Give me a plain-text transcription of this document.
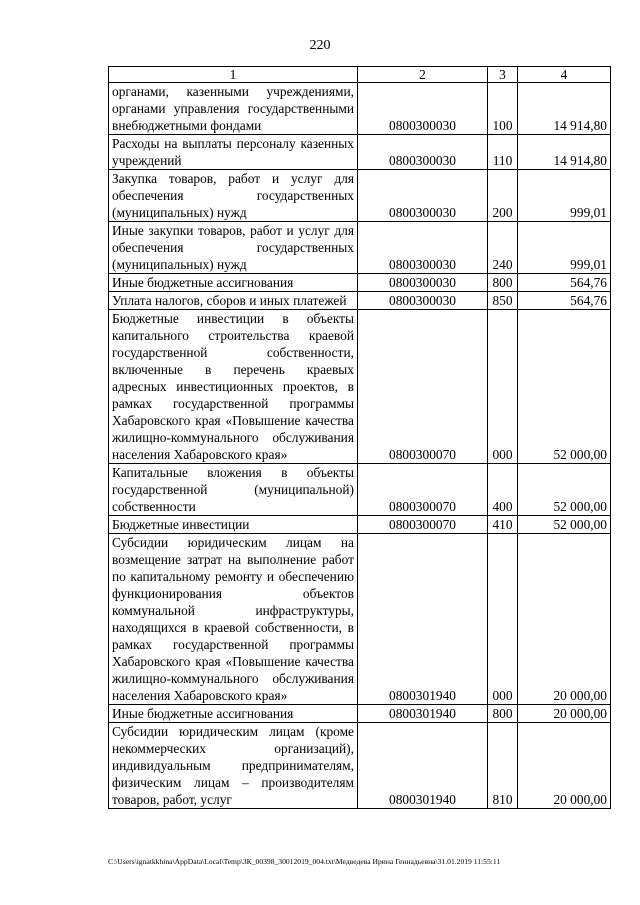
220
1	2	3	4
органами, казенными учреждениями, органами управления государственными внебюджетными фондами	0800300030	100	14 914,80
Расходы на выплаты персоналу казенных учреждений	0800300030	110	14 914,80
Закупка товаров, работ и услуг для обеспечения государственных (муниципальных) нужд	0800300030	200	999,01
Иные закупки товаров, работ и услуг для обеспечения государственных (муниципальных) нужд	0800300030	240	999,01
Иные бюджетные ассигнования	0800300030	800	564,76
Уплата налогов, сборов и иных платежей	0800300030	850	564,76
Бюджетные инвестиции в объекты капитального строительства краевой государственной собственности, включенные в перечень краевых адресных инвестиционных проектов, в рамках государственной программы Хабаровского края «Повышение качества жилищно-коммунального обслуживания населения Хабаровского края»	0800300070	000	52 000,00
Капитальные вложения в объекты государственной (муниципальной) собственности	0800300070	400	52 000,00
Бюджетные инвестиции	0800300070	410	52 000,00
Субсидии юридическим лицам на возмещение затрат на выполнение работ по капитальному ремонту и обеспечению функционирования объектов коммунальной инфраструктуры, находящихся в краевой собственности, в рамках государственной программы Хабаровского края «Повышение качества жилищно-коммунального обслуживания населения Хабаровского края»	0800301940	000	20 000,00
Иные бюджетные ассигнования	0800301940	800	20 000,00
Субсидии юридическим лицам (кроме некоммерческих организаций), индивидуальным предпринимателям, физическим лицам – производителям товаров, работ, услуг	0800301940	810	20 000,00
C:\Users\ignatkkhina\AppData\Local\Temp\ЗК_00398_30012019_004.txt\Медведева Ирина Геннадьевна\31.01.2019 11:55:11
